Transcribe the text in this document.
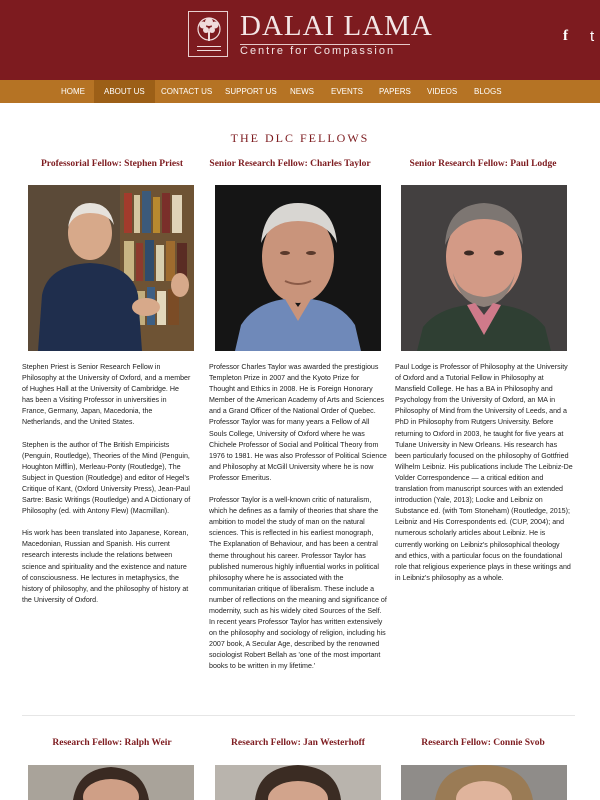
DALAI LAMA
Centre for Compassion
f t
HOME	ABOUT US	CONTACT US SUPPORT US NEWS EVENTS PAPERS VIDEOS BLOGS
THE DLC FELLOWS
Professorial Fellow: Stephen Priest	Senior Research Fellow: Charles Taylor	Senior Research Fellow: Paul Lodge

Stephen Priest is Senior Research Fellow in Philosophy at the University of Oxford, and a member of Hughes Hall at the University of Cambridge. He has been a Visiting Professor in universities in France, Germany, Japan, Macedonia, the Netherlands, and the United States.

Stephen is the author of The British Empiricists (Penguin, Routledge), Theories of the Mind (Penguin, Houghton Mifflin), Merleau-Ponty (Routledge), The Subject in Question (Routledge) and editor of Hegel's Critique of Kant, (Oxford University Press), Jean-Paul Sartre: Basic Writings (Routledge) and A Dictionary of Philosophy (ed. with Antony Flew) (Macmillan).

His work has been translated into Japanese, Korean, Macedonian, Russian and Spanish. His current research interests include the relations between science and spirituality and the existence and nature of consciousness. He lectures in metaphysics, the history of philosophy, and the philosophy of history at the University of Oxford.

Professor Charles Taylor was awarded the prestigious Templeton Prize in 2007 and the Kyoto Prize for Thought and Ethics in 2008. He is Foreign Honorary Member of the American Academy of Arts and Sciences and a Grand Officer of the National Order of Quebec. Professor Taylor was for many years a Fellow of All Souls College, University of Oxford where he was Chichele Professor of Social and Political Theory from 1976 to 1981. He was also Professor of Political Science and Philosophy at McGill University where he is now Professor Emeritus.

Professor Taylor is a well-known critic of naturalism, which he defines as a family of theories that share the ambition to model the study of man on the natural sciences. This is reflected in his earliest monograph, The Explanation of Behaviour, and has been a central theme throughout his career. Professor Taylor has published numerous highly influential works in political philosophy where he is associated with the communitarian critique of liberalism. These include a number of reflections on the meaning and significance of modernity, such as his widely cited Sources of the Self. In recent years Professor Taylor has written extensively on the philosophy and sociology of religion, including his 2007 book, A Secular Age, described by the renowned sociologist Robert Bellah as 'one of the most important books to be written in my lifetime.'

Paul Lodge is Professor of Philosophy at the University of Oxford and a Tutorial Fellow in Philosophy at Mansfield College. He has a BA in Philosophy and Psychology from the University of Oxford, an MA in Philosophy of Mind from the University of Leeds, and a PhD in Philosophy from Rutgers University. Before returning to Oxford in 2003, he taught for five years at Tulane University in New Orleans. His research has been particularly focused on the philosophy of Gottfried Wilhelm Leibniz. His publications include The Leibniz-De Volder Correspondence — a critical edition and translation from manuscript sources with an extended introduction (Yale, 2013); Locke and Leibniz on Substance ed. (with Tom Stoneham) (Routledge, 2015); Leibniz and His Correspondents ed. (CUP, 2004); and numerous scholarly articles about Leibniz. He is currently working on Leibniz's philosophical theology and ethics, with a particular focus on the foundational role that religious experience plays in these writings and in Leibniz's philosophy as a whole.

Research Fellow: Ralph Weir	Research Fellow: Jan Westerhoff	Research Fellow: Connie Svob
